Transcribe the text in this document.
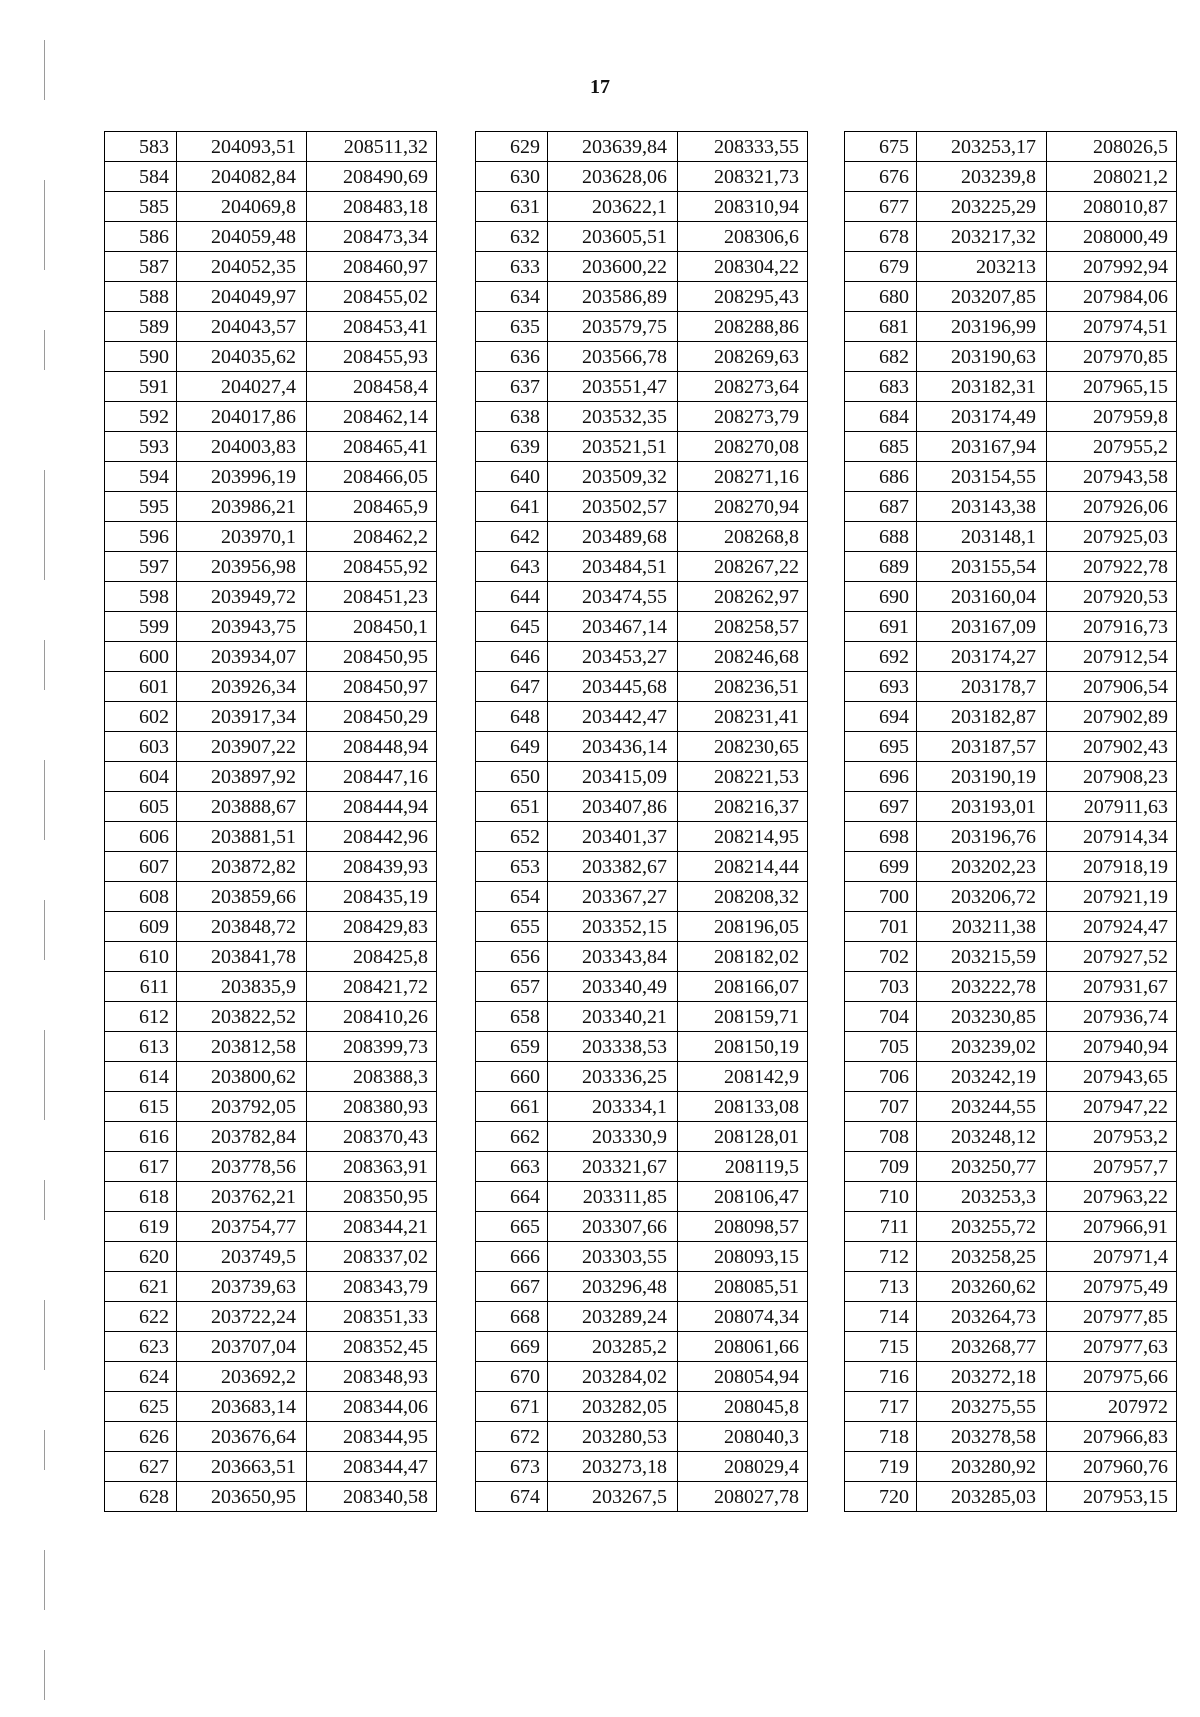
17
583	204093,51	208511,32
584	204082,84	208490,69
585	204069,8	208483,18
586	204059,48	208473,34
587	204052,35	208460,97
588	204049,97	208455,02
589	204043,57	208453,41
590	204035,62	208455,93
591	204027,4	208458,4
592	204017,86	208462,14
593	204003,83	208465,41
594	203996,19	208466,05
595	203986,21	208465,9
596	203970,1	208462,2
597	203956,98	208455,92
598	203949,72	208451,23
599	203943,75	208450,1
600	203934,07	208450,95
601	203926,34	208450,97
602	203917,34	208450,29
603	203907,22	208448,94
604	203897,92	208447,16
605	203888,67	208444,94
606	203881,51	208442,96
607	203872,82	208439,93
608	203859,66	208435,19
609	203848,72	208429,83
610	203841,78	208425,8
611	203835,9	208421,72
612	203822,52	208410,26
613	203812,58	208399,73
614	203800,62	208388,3
615	203792,05	208380,93
616	203782,84	208370,43
617	203778,56	208363,91
618	203762,21	208350,95
619	203754,77	208344,21
620	203749,5	208337,02
621	203739,63	208343,79
622	203722,24	208351,33
623	203707,04	208352,45
624	203692,2	208348,93
625	203683,14	208344,06
626	203676,64	208344,95
627	203663,51	208344,47
628	203650,95	208340,58
629	203639,84	208333,55
630	203628,06	208321,73
631	203622,1	208310,94
632	203605,51	208306,6
633	203600,22	208304,22
634	203586,89	208295,43
635	203579,75	208288,86
636	203566,78	208269,63
637	203551,47	208273,64
638	203532,35	208273,79
639	203521,51	208270,08
640	203509,32	208271,16
641	203502,57	208270,94
642	203489,68	208268,8
643	203484,51	208267,22
644	203474,55	208262,97
645	203467,14	208258,57
646	203453,27	208246,68
647	203445,68	208236,51
648	203442,47	208231,41
649	203436,14	208230,65
650	203415,09	208221,53
651	203407,86	208216,37
652	203401,37	208214,95
653	203382,67	208214,44
654	203367,27	208208,32
655	203352,15	208196,05
656	203343,84	208182,02
657	203340,49	208166,07
658	203340,21	208159,71
659	203338,53	208150,19
660	203336,25	208142,9
661	203334,1	208133,08
662	203330,9	208128,01
663	203321,67	208119,5
664	203311,85	208106,47
665	203307,66	208098,57
666	203303,55	208093,15
667	203296,48	208085,51
668	203289,24	208074,34
669	203285,2	208061,66
670	203284,02	208054,94
671	203282,05	208045,8
672	203280,53	208040,3
673	203273,18	208029,4
674	203267,5	208027,78
675	203253,17	208026,5
676	203239,8	208021,2
677	203225,29	208010,87
678	203217,32	208000,49
679	203213	207992,94
680	203207,85	207984,06
681	203196,99	207974,51
682	203190,63	207970,85
683	203182,31	207965,15
684	203174,49	207959,8
685	203167,94	207955,2
686	203154,55	207943,58
687	203143,38	207926,06
688	203148,1	207925,03
689	203155,54	207922,78
690	203160,04	207920,53
691	203167,09	207916,73
692	203174,27	207912,54
693	203178,7	207906,54
694	203182,87	207902,89
695	203187,57	207902,43
696	203190,19	207908,23
697	203193,01	207911,63
698	203196,76	207914,34
699	203202,23	207918,19
700	203206,72	207921,19
701	203211,38	207924,47
702	203215,59	207927,52
703	203222,78	207931,67
704	203230,85	207936,74
705	203239,02	207940,94
706	203242,19	207943,65
707	203244,55	207947,22
708	203248,12	207953,2
709	203250,77	207957,7
710	203253,3	207963,22
711	203255,72	207966,91
712	203258,25	207971,4
713	203260,62	207975,49
714	203264,73	207977,85
715	203268,77	207977,63
716	203272,18	207975,66
717	203275,55	207972
718	203278,58	207966,83
719	203280,92	207960,76
720	203285,03	207953,15
